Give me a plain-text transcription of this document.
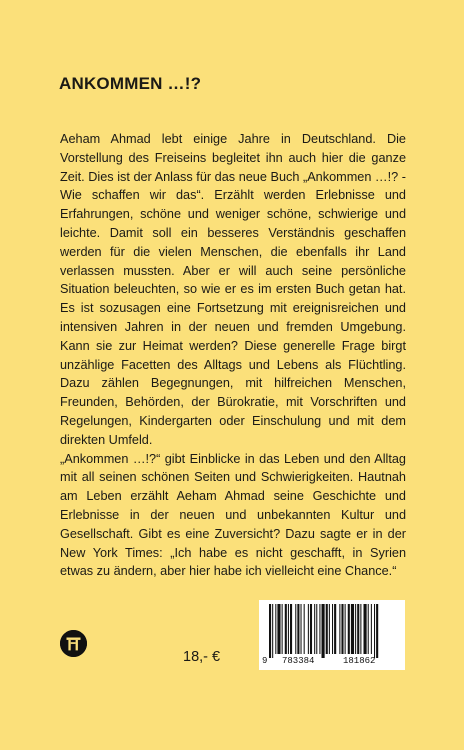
ANKOMMEN …!?

Aeham Ahmad lebt einige Jahre in Deutschland. Die Vorstellung des Freiseins begleitet ihn auch hier die ganze Zeit. Dies ist der Anlass für das neue Buch „Ankommen …!? - Wie schaffen wir das“. Erzählt werden Erlebnisse und Erfahrungen, schöne und weniger schöne, schwierige und leichte. Damit soll ein besseres Verständnis geschaffen werden für die vielen Menschen, die ebenfalls ihr Land verlassen mussten. Aber er will auch seine persönliche Situation beleuchten, so wie er es im ersten Buch getan hat. Es ist sozusagen eine Fortsetzung mit ereignisreichen und intensiven Jahren in der neuen und fremden Umgebung. Kann sie zur Heimat werden? Diese generelle Frage birgt unzählige Facetten des Alltags und Lebens als Flüchtling. Dazu zählen Begegnungen, mit hilfreichen Menschen, Freunden, Behörden, der Bürokratie, mit Vorschriften und Regelungen, Kindergarten oder Einschulung und mit dem direkten Umfeld.

„Ankommen …!?“ gibt Einblicke in das Leben und den Alltag mit all seinen schönen Seiten und Schwierigkeiten. Hautnah am Leben erzählt Aeham Ahmad seine Geschichte und Erlebnisse in der neuen und unbekannten Kultur und Gesellschaft. Gibt es eine Zuversicht? Dazu sagte er in der New York Times: „Ich habe es nicht geschafft, in Syrien etwas zu ändern, aber hier habe ich vielleicht eine Chance.“

18,- €	9 783384	181862
